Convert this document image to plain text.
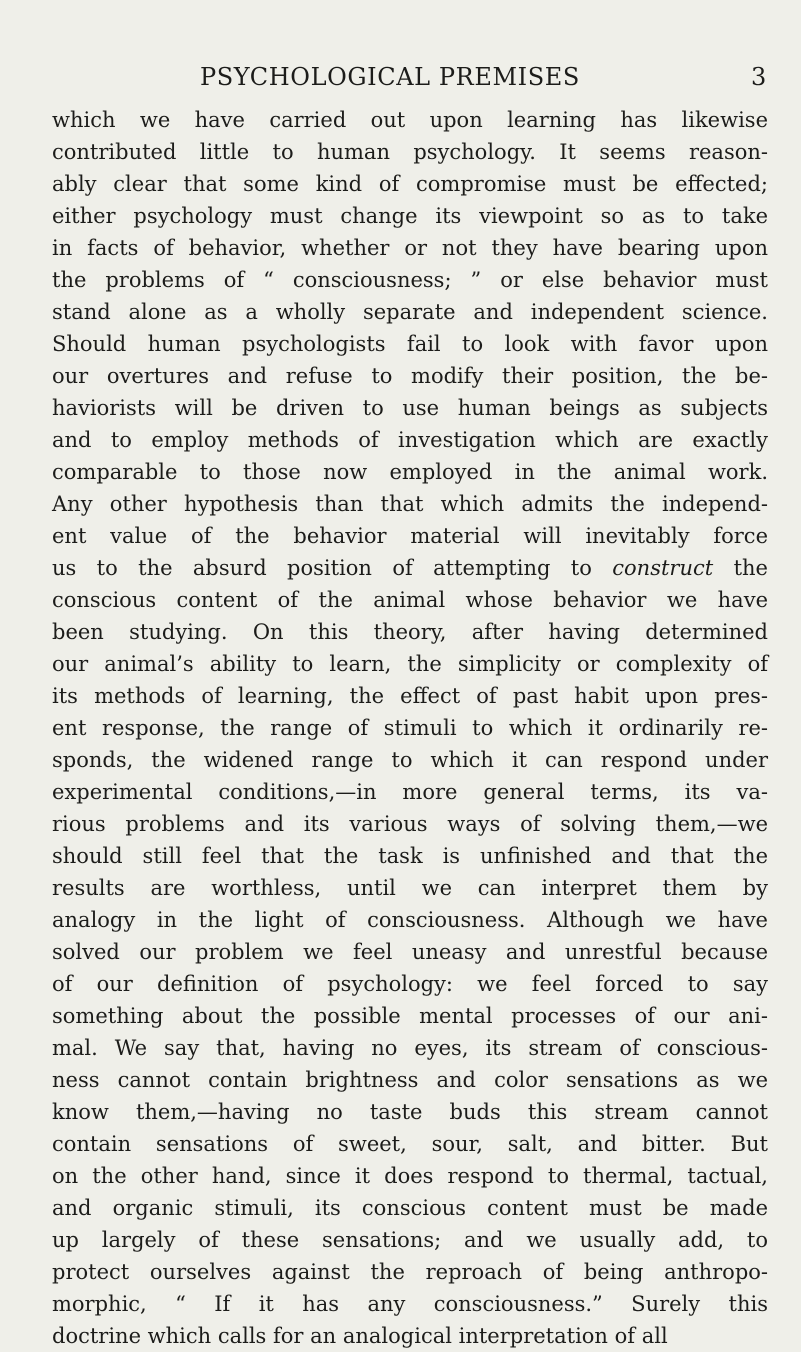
PSYCHOLOGICAL PREMISES	3
which we have carried out upon learning has likewise
contributed little to human psychology. It seems reason-
ably clear that some kind of compromise must be effected;
either psychology must change its viewpoint so as to take
in facts of behavior, whether or not they have bearing upon
the problems of “ consciousness; ” or else behavior must
stand alone as a wholly separate and independent science.
Should human psychologists fail to look with favor upon
our overtures and refuse to modify their position, the be-
haviorists will be driven to use human beings as subjects
and to employ methods of investigation which are exactly
comparable to those now employed in the animal work.
Any other hypothesis than that which admits the independ-
ent value of the behavior material will inevitably force
us to the absurd position of attempting to construct the
conscious content of the animal whose behavior we have
been studying. On this theory, after having determined
our animal’s ability to learn, the simplicity or complexity of
its methods of learning, the effect of past habit upon pres-
ent response, the range of stimuli to which it ordinarily re-
sponds, the widened range to which it can respond under
experimental conditions,—in more general terms, its va-
rious problems and its various ways of solving them,—we
should still feel that the task is unfinished and that the
results are worthless, until we can interpret them by
analogy in the light of consciousness. Although we have
solved our problem we feel uneasy and unrestful because
of our definition of psychology: we feel forced to say
something about the possible mental processes of our ani-
mal. We say that, having no eyes, its stream of conscious-
ness cannot contain brightness and color sensations as we
know them,—having no taste buds this stream cannot
contain sensations of sweet, sour, salt, and bitter. But
on the other hand, since it does respond to thermal, tactual,
and organic stimuli, its conscious content must be made
up largely of these sensations; and we usually add, to
protect ourselves against the reproach of being anthropo-
morphic, “ If it has any consciousness.” Surely this
doctrine which calls for an analogical interpretation of all
